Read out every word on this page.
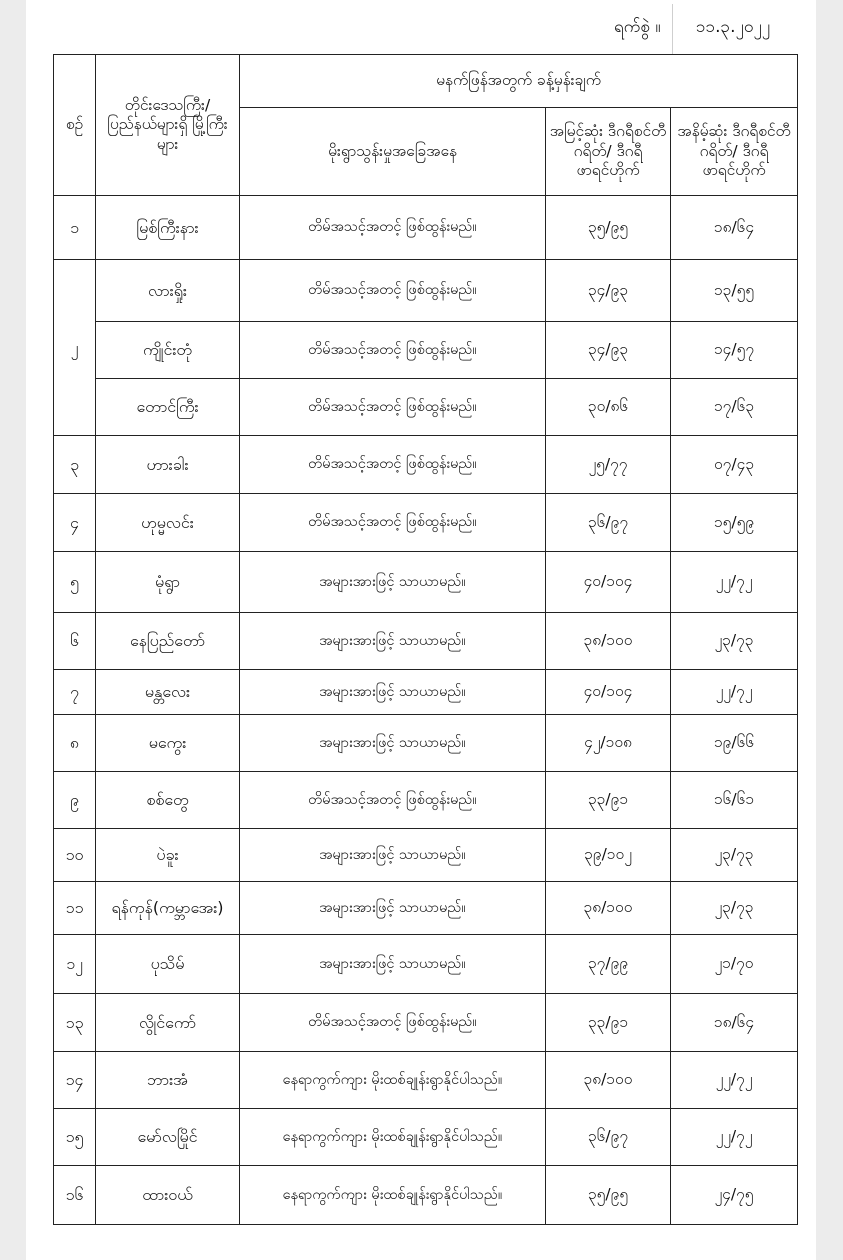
ရက်စွဲ ။ ၁၁.၃.၂၀၂၂
စဉ်	တိုင်းဒေသကြီး/ ပြည်နယ်များရှိ မြို့ကြီးများ	မနက်ဖြန်အတွက် ခန့်မှန်းချက်		
		မိုးရွာသွန်းမှုအခြေအနေ	အမြင့်ဆုံး ဒီဂရီစင်တီဂရိတ်/ ဒီဂရီဖာရင်ဟိုက်	အနိမ့်ဆုံး ဒီဂရီစင်တီဂရိတ်/ ဒီဂရီဖာရင်ဟိုက်
၁	မြစ်ကြီးနား	တိမ်အသင့်အတင့် ဖြစ်ထွန်းမည်။	၃၅/၉၅	၁၈/၆၄
၂	လားရှိုး	တိမ်အသင့်အတင့် ဖြစ်ထွန်းမည်။	၃၄/၉၃	၁၃/၅၅
	ကျိုင်းတုံ	တိမ်အသင့်အတင့် ဖြစ်ထွန်းမည်။	၃၄/၉၃	၁၄/၅၇
	တောင်ကြီး	တိမ်အသင့်အတင့် ဖြစ်ထွန်းမည်။	၃၀/၈၆	၁၇/၆၃
၃	ဟားခါး	တိမ်အသင့်အတင့် ဖြစ်ထွန်းမည်။	၂၅/၇၇	၀၇/၄၃
၄	ဟုမ္မလင်း	တိမ်အသင့်အတင့် ဖြစ်ထွန်းမည်။	၃၆/၉၇	၁၅/၅၉
၅	မုံရွာ	အများအားဖြင့် သာယာမည်။	၄၀/၁၀၄	၂၂/၇၂
၆	နေပြည်တော်	အများအားဖြင့် သာယာမည်။	၃၈/၁၀၀	၂၃/၇၃
၇	မန္တလေး	အများအားဖြင့် သာယာမည်။	၄၀/၁၀၄	၂၂/၇၂
၈	မကွေး	အများအားဖြင့် သာယာမည်။	၄၂/၁၀၈	၁၉/၆၆
၉	စစ်တွေ	တိမ်အသင့်အတင့် ဖြစ်ထွန်းမည်။	၃၃/၉၁	၁၆/၆၁
၁၀	ပဲခူး	အများအားဖြင့် သာယာမည်။	၃၉/၁၀၂	၂၃/၇၃
၁၁	ရန်ကုန်(ကမ္ဘာအေး)	အများအားဖြင့် သာယာမည်။	၃၈/၁၀၀	၂၃/၇၃
၁၂	ပုသိမ်	အများအားဖြင့် သာယာမည်။	၃၇/၉၉	၂၁/၇၀
၁၃	လွိုင်ကော်	တိမ်အသင့်အတင့် ဖြစ်ထွန်းမည်။	၃၃/၉၁	၁၈/၆၄
၁၄	ဘားအံ	နေရာကွက်ကျား မိုးထစ်ချုန်းရွာနိုင်ပါသည်။	၃၈/၁၀၀	၂၂/၇၂
၁၅	မော်လမြိုင်	နေရာကွက်ကျား မိုးထစ်ချုန်းရွာနိုင်ပါသည်။	၃၆/၉၇	၂၂/၇၂
၁၆	ထားဝယ်	နေရာကွက်ကျား မိုးထစ်ချုန်းရွာနိုင်ပါသည်။	၃၅/၉၅	၂၄/၇၅
